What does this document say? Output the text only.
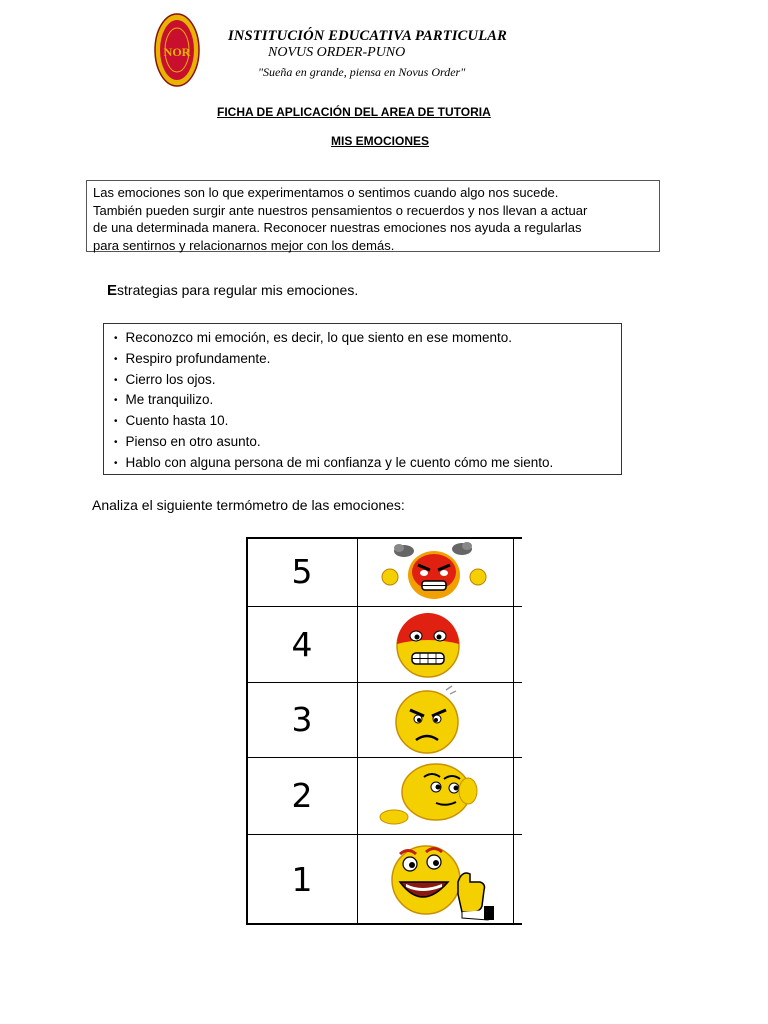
NOR
INSTITUCIÓN EDUCATIVA PARTICULAR
NOVUS ORDER-PUNO
"Sueña en grande, piensa en Novus Order"
FICHA DE APLICACIÓN DEL AREA DE TUTORIA
MIS EMOCIONES
Las emociones son lo que experimentamos o sentimos cuando algo nos sucede.
También pueden surgir ante nuestros pensamientos o recuerdos y nos llevan a actuar
de una determinada manera. Reconocer nuestras emociones nos ayuda a regularlas
para sentirnos y relacionarnos mejor con los demás.
Estrategias para regular mis emociones.
• Reconozco mi emoción, es decir, lo que siento en ese momento.
• Respiro profundamente.
• Cierro los ojos.
• Me tranquilizo.
• Cuento hasta 10.
• Pienso en otro asunto.
• Hablo con alguna persona de mi confianza y le cuento cómo me siento.
Analiza el siguiente termómetro de las emociones:
5
4
3
2
1
